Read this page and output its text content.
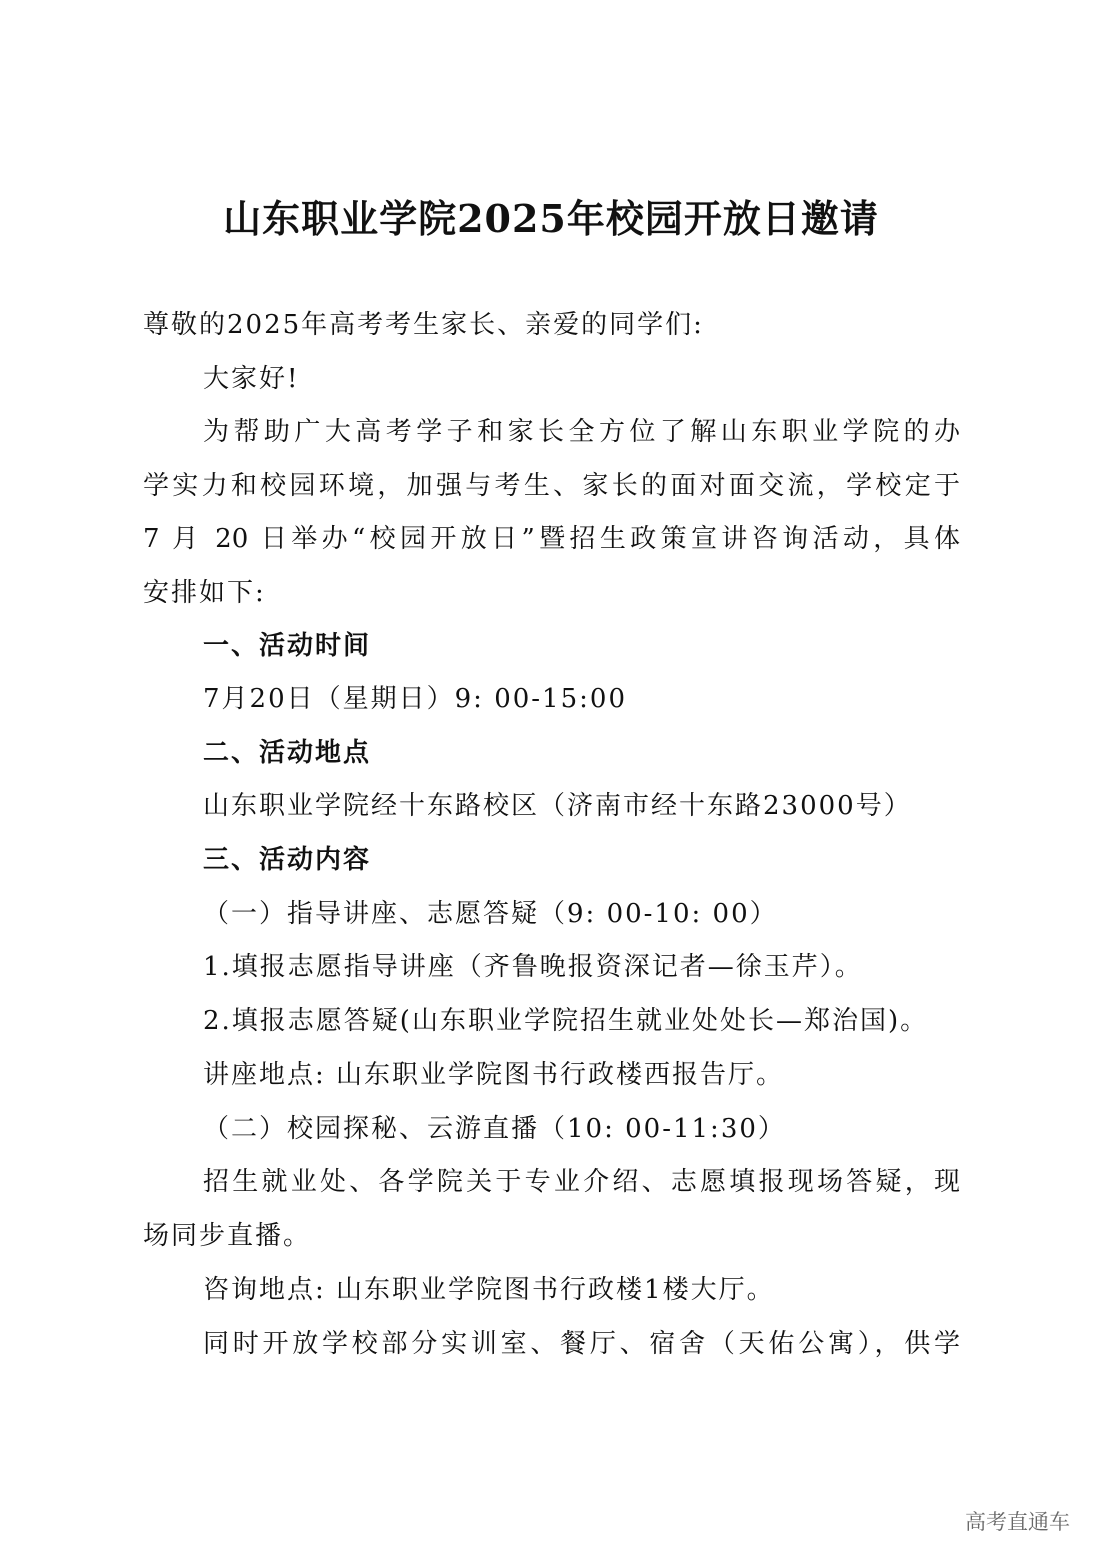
山东职业学院2025年校园开放日邀请
尊敬的2025年高考考生家长、亲爱的同学们:
大家好!
为帮助广大高考学子和家长全方位了解山东职业学院的办
学实力和校园环境，加强与考生、家长的面对面交流，学校定于
7 月 20 日举办“校园开放日”暨招生政策宣讲咨询活动，具体
安排如下:
一、活动时间
7月20日（星期日）9: 00-15:00
二、活动地点
山东职业学院经十东路校区（济南市经十东路23000号）
三、活动内容
（一）指导讲座、志愿答疑（9: 00-10: 00）
1.填报志愿指导讲座（齐鲁晚报资深记者—徐玉芹）。
2.填报志愿答疑(山东职业学院招生就业处处长—郑治国)。
讲座地点: 山东职业学院图书行政楼西报告厅。
（二）校园探秘、云游直播（10: 00-11:30）
招生就业处、各学院关于专业介绍、志愿填报现场答疑，现
场同步直播。
咨询地点: 山东职业学院图书行政楼1楼大厅。
同时开放学校部分实训室、餐厅、宿舍（天佑公寓），供学
高考直通车
